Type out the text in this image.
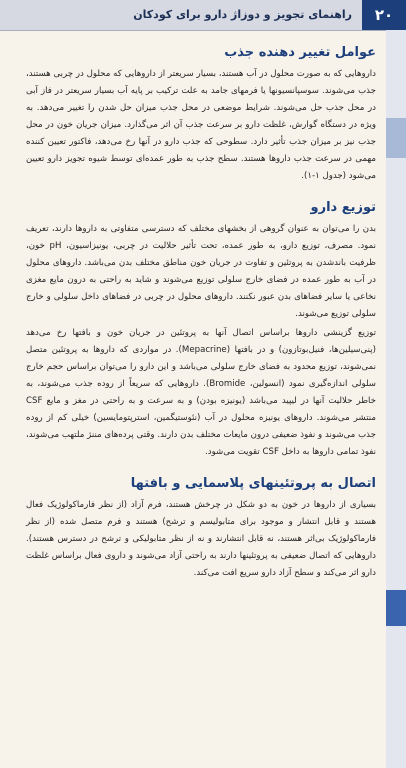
۲۰
راهنمای تجویز و دوزاژ دارو برای کودکان
عوامل تغییر دهنده جذب

داروهایی که به صورت محلول در آب هستند، بسیار سریعتر از داروهایی که محلول در چربی هستند، جذب می‌شوند. سوسپانسیونها یا فرمهای جامد به علت ترکیب بر پایه آب بسیار سریعتر در فاز آبی در محل جذب حل می‌شوند. شرایط موضعی در محل جذب میزان حل شدن را تغییر می‌دهد. به ویژه در دستگاه گوارش، غلظت دارو بر سرعت جذب آن اثر می‌گذارد. میزان جریان خون در محل جذب نیز بر میزان جذب تأثیر دارد. سطوحی که جذب دارو در آنها رخ می‌دهد، فاکتور تعیین کننده مهمی در سرعت جذب داروها هستند. سطح جذب به طور عمده‌ای توسط شیوه تجویز دارو تعیین می‌شود (جدول ۱-۱).

توزیع دارو

بدن را می‌توان به عنوان گروهی از بخشهای مختلف که دسترسی متفاوتی به داروها دارند، تعریف نمود. مصرف، توزیع دارو، به طور عمده، تحت تأثیر حلالیت در چربی، یونیزاسیون، pH خون، ظرفیت باندشدن به پروتئین و تفاوت در جریان خون مناطق مختلف بدن می‌باشد. داروهای محلول در آب به طور عمده در فضای خارج سلولی توزیع می‌شوند و شاید به راحتی به درون مایع مغزی نخاعی یا سایر فضاهای بدن عبور نکنند. داروهای محلول در چربی در فضاهای داخل سلولی و خارج سلولی توزیع می‌شوند.

توزیع گزینشی داروها براساس اتصال آنها به پروتئین در جریان خون و بافتها رخ می‌دهد (پنی‌سیلین‌ها، فنیل‌بوتازون) و در بافتها (Mepacrine). در مواردی که داروها به پروتئین متصل نمی‌شوند، توزیع محدود به فضای خارج سلولی می‌باشد و این دارو را می‌توان براساس حجم خارج سلولی اندازه‌گیری نمود (انسولین، Bromide). داروهایی که سریعاً از روده جذب می‌شوند، به خاطر حلالیت آنها در لیپید می‌باشد (یونیزه بودن) و به سرعت و به راحتی در مغز و مایع CSF منتشر می‌شوند. داروهای یونیزه محلول در آب (نئوستیگمین، استرپتومایسین) خیلی کم از روده جذب می‌شوند و نفوذ ضعیفی درون مایعات مختلف بدن دارند. وقتی پرده‌های مننژ ملتهب می‌شوند، نفوذ تمامی داروها به داخل CSF تقویت می‌شود.

اتصال به پروتئینهای پلاسمایی و بافتها

بسیاری از داروها در خون به دو شکل در چرخش هستند، فرم آزاد (از نظر فارماکولوژیک فعال هستند و قابل انتشار و موجود برای متابولیسم و ترشح) هستند و فرم متصل شده (از نظر فارماکولوژیک بی‌اثر هستند، نه قابل انتشارند و نه از نظر متابولیکی و ترشح در دسترس هستند). داروهایی که اتصال ضعیفی به پروتئینها دارند به راحتی آزاد می‌شوند و داروی فعال براساس غلظت دارو اثر می‌کند و سطح آزاد دارو سریع افت می‌کند.
